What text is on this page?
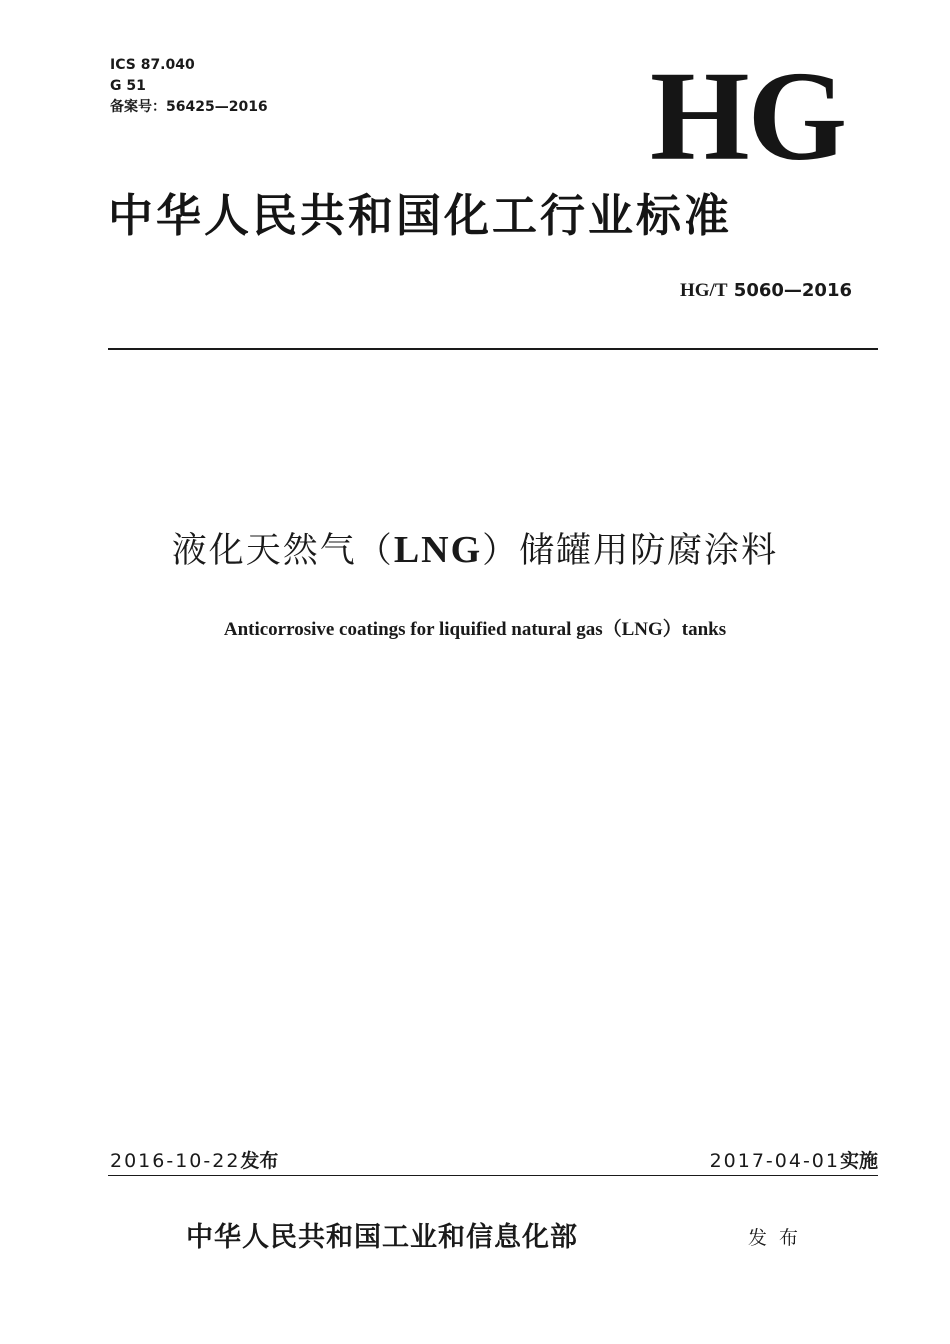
ICS 87.040
G 51
备案号：56425—2016	HG
中华人民共和国化工行业标准
HG/T 5060—2016
液化天然气（LNG）储罐用防腐涂料
Anticorrosive coatings for liquified natural gas（LNG）tanks
2016-10-22发布	2017-04-01实施
中华人民共和国工业和信息化部	发布
